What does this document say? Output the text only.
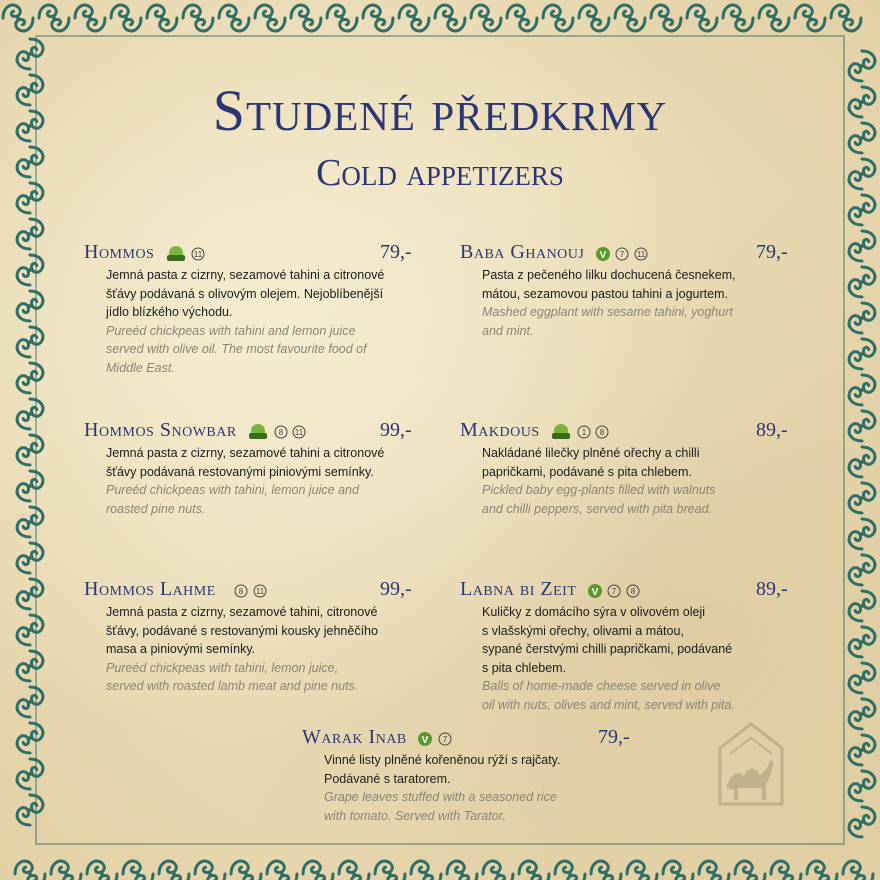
Studené předkrmy
Cold appetizers
Hommos	11	79,-
Jemná pasta z cizrny, sezamové tahini a citronové
šťávy podávaná s olivovým olejem. Nejoblíbenější
jídlo blízkého východu.
Pureéd chickpeas with tahini and lemon juice
served with olive oil. The most favourite food of
Middle East.
Baba Ghanouj V
7
11	79,-
Pasta z pečeného lilku dochucená česnekem,
mátou, sezamovou pastou tahini a jogurtem.
Mashed eggplant with sesame tahini, yoghurt
and mint.
Hommos Snowbar	8
11	99,-
Jemná pasta z cizrny, sezamové tahini a citronové
šťávy podávaná restovanými piniovými semínky.
Pureéd chickpeas with tahini, lemon juice and
roasted pine nuts.
Makdous	1
8	89,-
Nakládané lilečky plněné ořechy a chilli
papričkami, podávané s pita chlebem.
Pickled baby egg-plants filled with walnuts
and chilli peppers, served with pita bread.
Hommos Lahme	8
11	99,-
Jemná pasta z cizrny, sezamové tahini, citronové
šťávy, podávané s restovanými kousky jehněčího
masa a piniovými semínky.
Pureéd chickpeas with tahini, lemon juice,
served with roasted lamb meat and pine nuts.
Labna bi Zeit V
7
8	89,-
Kuličky z domácího sýra v olivovém oleji
s vlašskými ořechy, olivami a mátou,
sypané čerstvými chilli papričkami, podávané
s pita chlebem.
Balls of home-made cheese served in olive
oil with nuts, olives and mint, served with pita.
Warak Inab V
7	79,-
Vinné listy plněné kořeněnou rýží s rajčaty.
Podávané s taratorem.
Grape leaves stuffed with a seasoned rice
with tomato. Served with Tarator.
